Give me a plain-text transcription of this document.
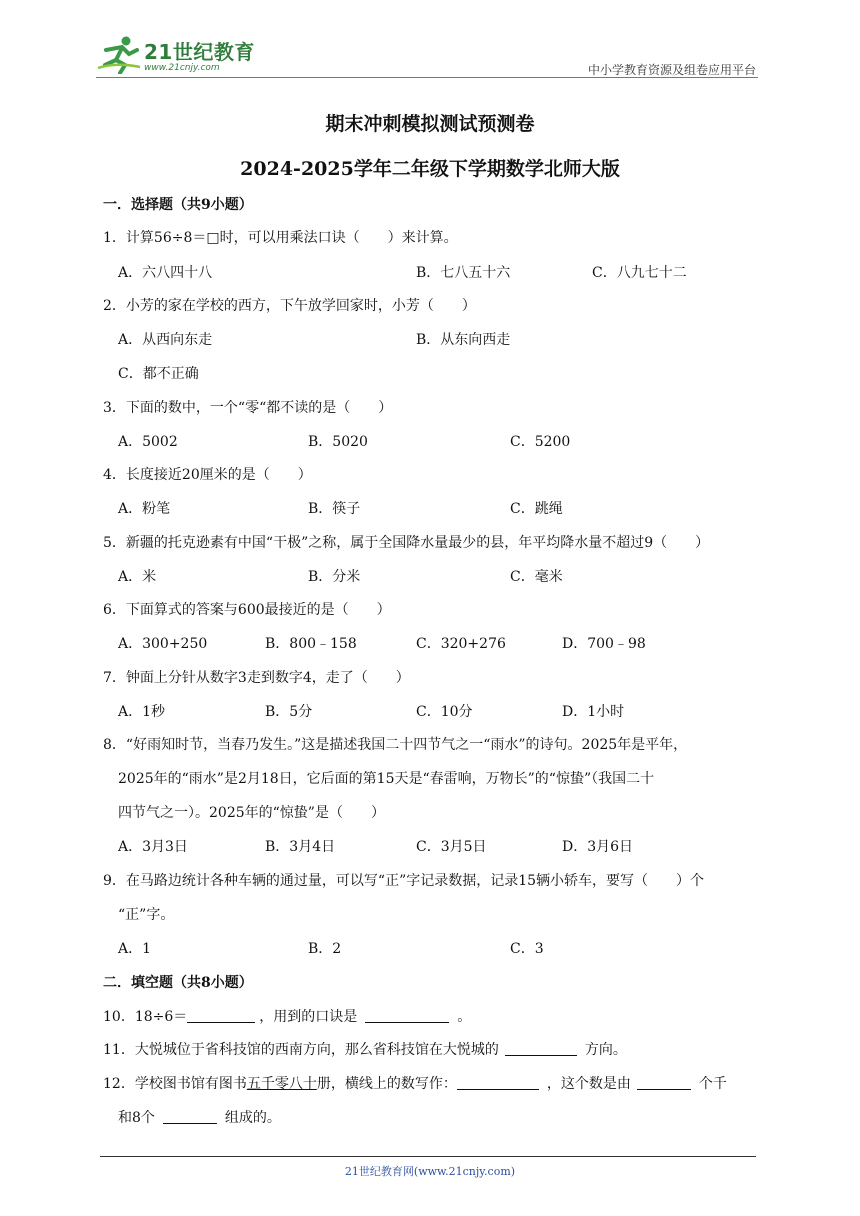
21世纪教育
www.21cnjy.com	中小学教育资源及组卷应用平台
期末冲刺模拟测试预测卷
2024-2025学年二年级下学期数学北师大版
一．选择题（共9小题）
1．计算56÷8＝□时，可以用乘法口诀（　　）来计算。
A．六八四十八	B．七八五十六	C．八九七十二
2．小芳的家在学校的西方，下午放学回家时，小芳（　　）
A．从西向东走	B．从东向西走
C．都不正确
3．下面的数中，一个“零“都不读的是（　　）
A．5002	B．5020	C．5200
4．长度接近20厘米的是（　　）
A．粉笔	B．筷子	C．跳绳
5．新疆的托克逊素有中国“干极”之称，属于全国降水量最少的县，年平均降水量不超过9（　　）
A．米	B．分米	C．毫米
6．下面算式的答案与600最接近的是（　　）
A．300+250	B．800﹣158	C．320+276	D．700﹣98
7．钟面上分针从数字3走到数字4，走了（　　）
A．1秒	B．5分	C．10分	D．1小时
8．“好雨知时节，当春乃发生。”这是描述我国二十四节气之一“雨水”的诗句。2025年是平年，
2025年的“雨水”是2月18日，它后面的第15天是“春雷响，万物长”的“惊蛰”（我国二十
四节气之一）。2025年的“惊蛰”是（　　）
A．3月3日	B．3月4日	C．3月5日	D．3月6日
9．在马路边统计各种车辆的通过量，可以写“正”字记录数据，记录15辆小轿车，要写（　　）个
“正”字。
A．1	B．2	C．3
二．填空题（共8小题）
10．18÷6＝	，用到的口诀是	。
11．大悦城位于省科技馆的西南方向，那么省科技馆在大悦城的	方向。
12．学校图书馆有图书五千零八十册，横线上的数写作：	，这个数是由	个千
和8个	组成的。
21世纪教育网(www.21cnjy.com)
